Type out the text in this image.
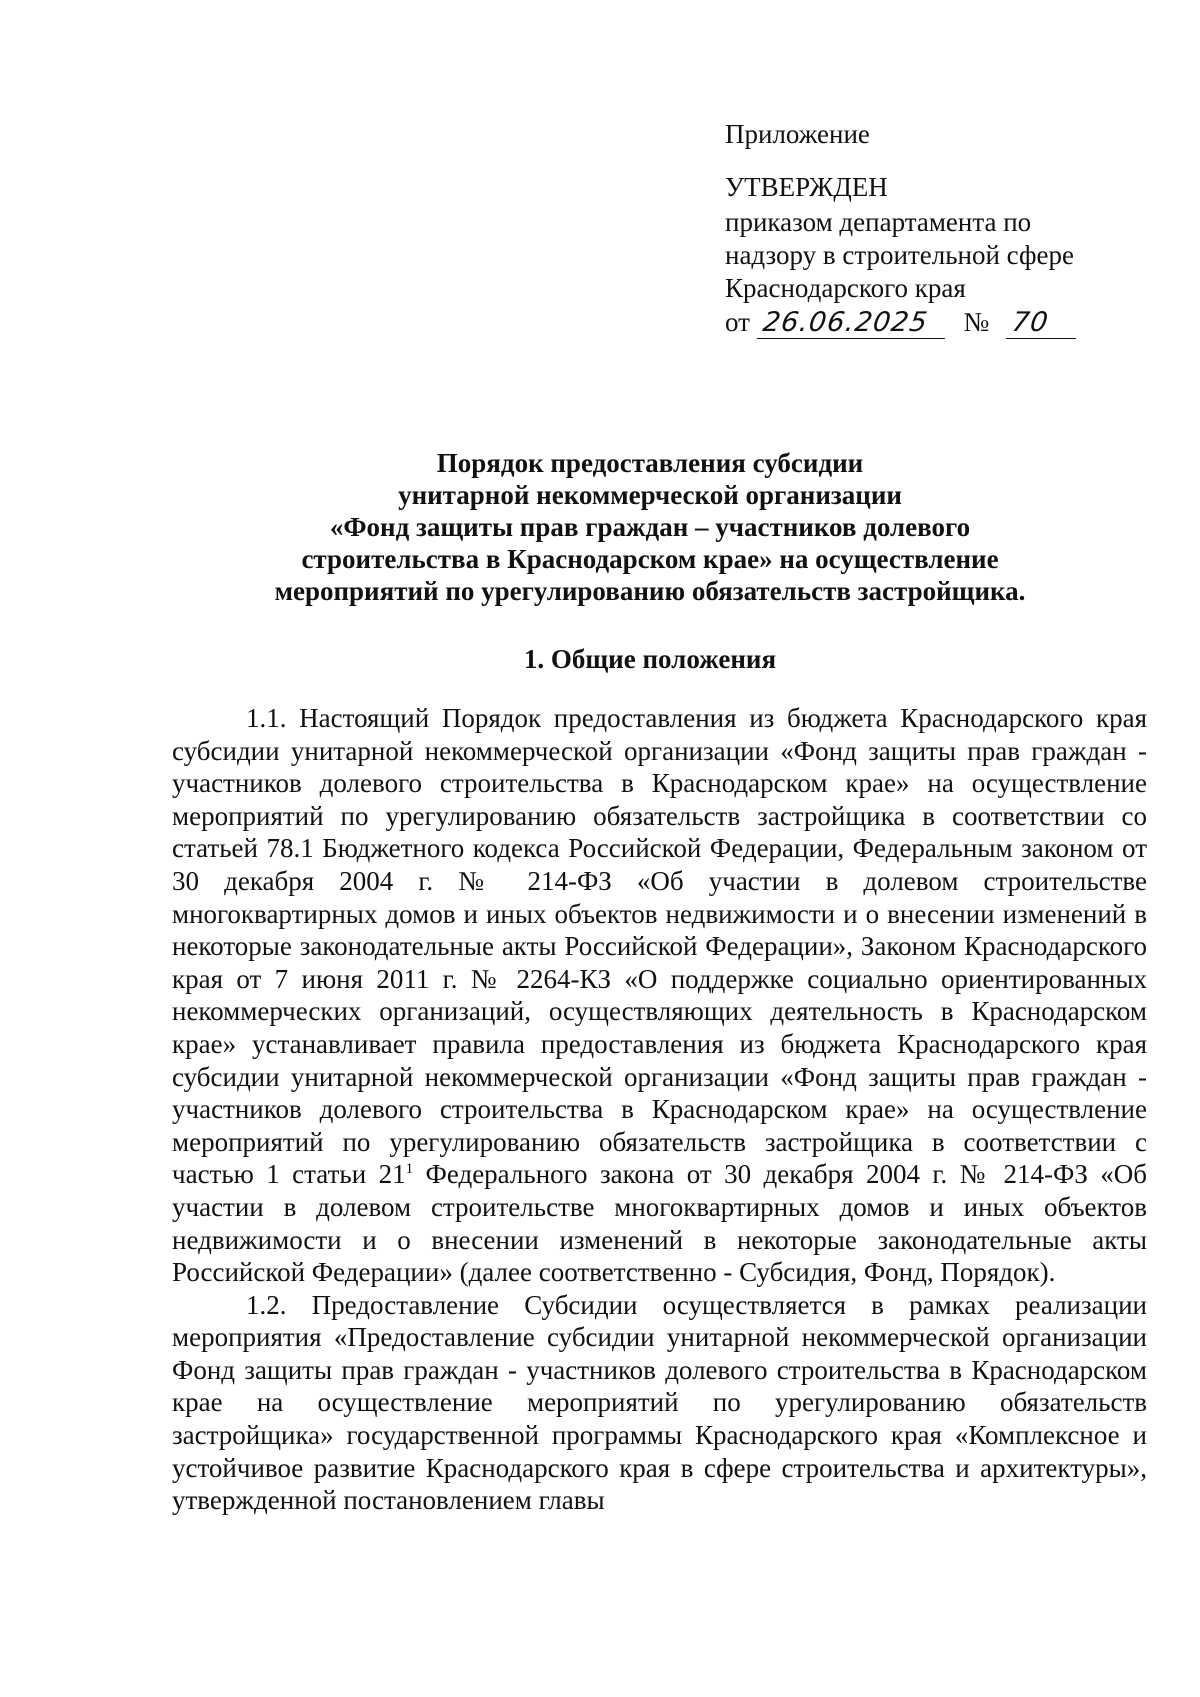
Приложение
УТВЕРЖДЕН
приказом департамента по
надзору в строительной сфере
Краснодарского края
от 26.06.2025 № 70
Порядок предоставления субсидии
унитарной некоммерческой организации
«Фонд защиты прав граждан – участников долевого
строительства в Краснодарском крае» на осуществление
мероприятий по урегулированию обязательств застройщика.
1. Общие положения

1.1. Настоящий Порядок предоставления из бюджета Краснодарского края субсидии унитарной некоммерческой организации «Фонд защиты прав граждан - участников долевого строительства в Краснодарском крае» на осуществление мероприятий по урегулированию обязательств застройщика в соответствии со статьей 78.1 Бюджетного кодекса Российской Федерации, Федеральным законом от 30 декабря 2004 г. № 214-ФЗ «Об участии в долевом строительстве многоквартирных домов и иных объектов недвижимости и о внесении изменений в некоторые законодательные акты Российской Федерации», Законом Краснодарского края от 7 июня 2011 г. № 2264-КЗ «О поддержке социально ориентированных некоммерческих организаций, осуществляющих деятельность в Краснодарском крае» устанавливает правила предоставления из бюджета Краснодарского края субсидии унитарной некоммерческой организации «Фонд защиты прав граждан - участников долевого строительства в Краснодарском крае» на осуществление мероприятий по урегулированию обязательств застройщика в соответствии с частью 1 статьи $21^1$ Федерального закона от 30 декабря 2004 г. № 214-ФЗ «Об участии в долевом строительстве многоквартирных домов и иных объектов недвижимости и о внесении изменений в некоторые законодательные акты Российской Федерации» (далее соответственно - Субсидия, Фонд, Порядок).

1.2. Предоставление Субсидии осуществляется в рамках реализации мероприятия «Предоставление субсидии унитарной некоммерческой организации Фонд защиты прав граждан - участников долевого строительства в Краснодарском крае на осуществление мероприятий по урегулированию обязательств застройщика» государственной программы Краснодарского края «Комплексное и устойчивое развитие Краснодарского края в сфере строительства и архитектуры», утвержденной постановлением главы
